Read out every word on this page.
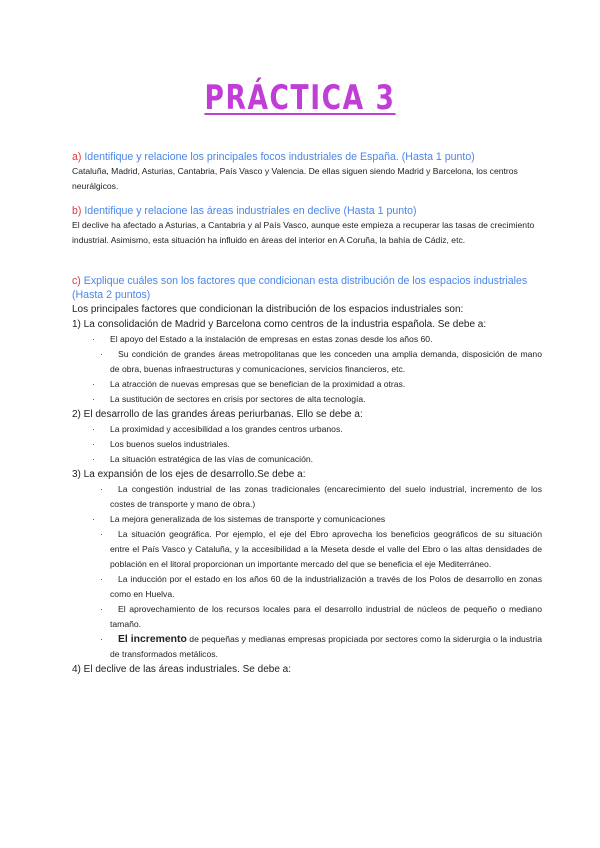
PRÁCTICA 3
a) Identifique y relacione los principales focos industriales de España. (Hasta 1 punto)
Cataluña, Madrid, Asturias, Cantabria, País Vasco y Valencia. De ellas siguen siendo Madrid y Barcelona, los centros neurálgicos.
b) Identifique y relacione las áreas industriales en declive (Hasta 1 punto)
El declive ha afectado a Asturias, a Cantabria y al País Vasco, aunque este empieza a recuperar las tasas de crecimiento industrial. Asimismo, esta situación ha influido en áreas del interior en A Coruña, la bahía de Cádiz, etc.
c) Explique cuáles son los factores que condicionan esta distribución de los espacios industriales (Hasta 2 puntos)
Los principales factores que condicionan la distribución de los espacios industriales son:
1) La consolidación de Madrid y Barcelona como centros de la industria española. Se debe a:
· El apoyo del Estado a la instalación de empresas en estas zonas desde los años 60.
· Su condición de grandes áreas metropolitanas que les conceden una amplia demanda, disposición de mano de obra, buenas infraestructuras y comunicaciones, servicios financieros, etc.
· La atracción de nuevas empresas que se benefician de la proximidad a otras.
· La sustitución de sectores en crisis por sectores de alta tecnología.
2) El desarrollo de las grandes áreas periurbanas. Ello se debe a:
· La proximidad y accesibilidad a los grandes centros urbanos.
· Los buenos suelos industriales.
· La situación estratégica de las vías de comunicación.
3) La expansión de los ejes de desarrollo.Se debe a:
· La congestión industrial de las zonas tradicionales (encarecimiento del suelo industrial, incremento de los costes de transporte y mano de obra.)
· La mejora generalizada de los sistemas de transporte y comunicaciones
· La situación geográfica. Por ejemplo, el eje del Ebro aprovecha los beneficios geográficos de su situación entre el País Vasco y Cataluña, y la accesibilidad a la Meseta desde el valle del Ebro o las altas densidades de población en el litoral proporcionan un importante mercado del que se beneficia el eje Mediterráneo.
· La inducción por el estado en los años 60 de la industrialización a través de los Polos de desarrollo en zonas como en Huelva.
· El aprovechamiento de los recursos locales para el desarrollo industrial de núcleos de pequeño o mediano tamaño.
· El incremento de pequeñas y medianas empresas propiciada por sectores como la siderurgia o la industria de transformados metálicos.
4) El declive de las áreas industriales. Se debe a:
